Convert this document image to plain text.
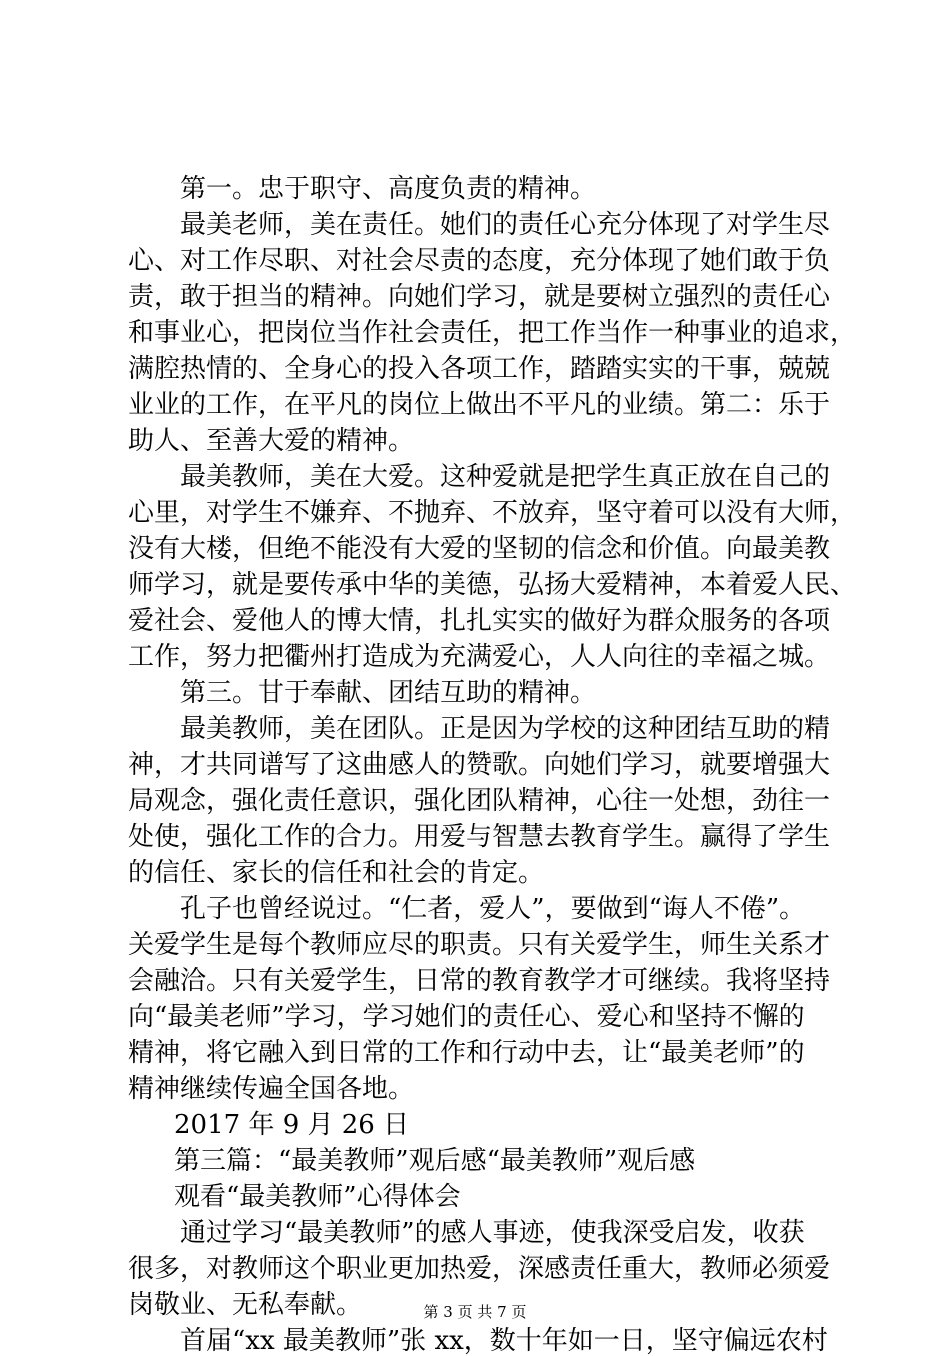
第一。忠于职守、高度负责的精神。
最美老师，美在责任。她们的责任心充分体现了对学生尽
心、对工作尽职、对社会尽责的态度，充分体现了她们敢于负
责，敢于担当的精神。向她们学习，就是要树立强烈的责任心
和事业心，把岗位当作社会责任，把工作当作一种事业的追求，
满腔热情的、全身心的投入各项工作，踏踏实实的干事，兢兢
业业的工作，在平凡的岗位上做出不平凡的业绩。第二：乐于
助人、至善大爱的精神。
最美教师，美在大爱。这种爱就是把学生真正放在自己的
心里，对学生不嫌弃、不抛弃、不放弃，坚守着可以没有大师，
没有大楼，但绝不能没有大爱的坚韧的信念和价值。向最美教
师学习，就是要传承中华的美德，弘扬大爱精神，本着爱人民、
爱社会、爱他人的博大情，扎扎实实的做好为群众服务的各项
工作，努力把衢州打造成为充满爱心，人人向往的幸福之城。
第三。甘于奉献、团结互助的精神。
最美教师，美在团队。正是因为学校的这种团结互助的精
神，才共同谱写了这曲感人的赞歌。向她们学习，就要增强大
局观念，强化责任意识，强化团队精神，心往一处想，劲往一
处使，强化工作的合力。用爱与智慧去教育学生。赢得了学生
的信任、家长的信任和社会的肯定。
孔子也曾经说过。“仁者，爱人”，要做到“诲人不倦”。
关爱学生是每个教师应尽的职责。只有关爱学生，师生关系才
会融洽。只有关爱学生，日常的教育教学才可继续。我将坚持
向“最美老师”学习，学习她们的责任心、爱心和坚持不懈的
精神，将它融入到日常的工作和行动中去，让“最美老师”的
精神继续传遍全国各地。
2017 年 9 月 26 日
第三篇：“最美教师”观后感“最美教师”观后感
观看“最美教师”心得体会
通过学习“最美教师”的感人事迹，使我深受启发，收获
很多，对教师这个职业更加热爱，深感责任重大，教师必须爱
岗敬业、无私奉献。
首届“xx 最美教师”张 xx，数十年如一日，坚守偏远农村
第 3 页 共 7 页
